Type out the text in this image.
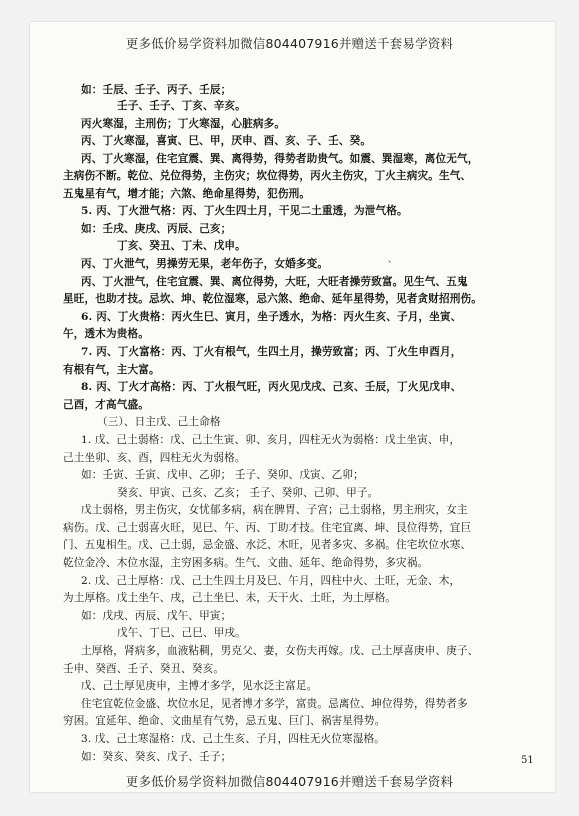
更多低价易学资料加微信804407916并赠送千套易学资料
如：壬辰、壬子、丙子、壬辰；
壬子、壬子、丁亥、辛亥。
丙火寒湿，主刑伤；丁火寒湿，心脏病多。
丙、丁火寒湿，喜寅、巳、甲，厌申、酉、亥、子、壬、癸。
丙、丁火寒湿，住宅宜震、巽、离得势，得势者助贵气。如震、巽湿寒，离位无气，
主病伤不断。乾位、兑位得势，主伤灾；坎位得势，丙火主伤灾，丁火主病灾。生气、
五鬼星有气，增才能；六煞、绝命星得势，犯伤刑。
5. 丙、丁火泄气格：丙、丁火生四土月，干见二土重透，为泄气格。
如：壬戌、庚戌、丙辰、己亥；
丁亥、癸丑、丁未、戊申。
丙、丁火泄气，男操劳无果，老年伤子，女婚多变。
丙、丁火泄气，住宅宜震、巽、离位得势，大旺，大旺者操劳致富。见生气、五鬼
星旺，也助才技。忌坎、坤、乾位湿寒，忌六煞、绝命、延年星得势，见者贪财招刑伤。
6. 丙、丁火贵格：丙火生巳、寅月，坐子透水，为格：丙火生亥、子月，坐寅、
午，透木为贵格。
7. 丙、丁火富格：丙、丁火有根气，生四土月，操劳致富；丙、丁火生申酉月，
有根有气，主大富。
8. 丙、丁火才高格：丙、丁火根气旺，丙火见戊戌、己亥、壬辰，丁火见戊申、
己酉，才高气盛。
（三）、日主戊、己土命格
1. 戊、己土弱格：戊、己土生寅、卯、亥月，四柱无火为弱格：戊土坐寅、申，
己土坐卯、亥、酉，四柱无火为弱格。
如：壬寅、壬寅、戊申、乙卯； 壬子、癸卯、戊寅、乙卯；
癸亥、甲寅、己亥、乙亥； 壬子、癸卯、己卯、甲子。
戊土弱格，男主伤灾，女忧郁多病，病在脾胃、子宫；己土弱格，男主刑灾，女主
病伤。戊、己土弱喜火旺，见巳、午、丙、丁助才技。住宅宜离、坤、艮位得势，宜巨
门、五鬼相生。戊、己土弱，忌金盛、水泛、木旺，见者多灾、多祸。住宅坎位水寒、
乾位金冷、木位水湿，主穷困多病。生气、文曲、延年、绝命得势，多灾祸。
2. 戊、己土厚格：戊、己土生四土月及巳、午月，四柱中火、土旺，无金、木，
为土厚格。戊土坐午、戌，己土坐巳、未，天干火、土旺，为土厚格。
如：戊戌、丙辰、戊午、甲寅；
戊午、丁巳、己巳、甲戌。
土厚格，肾病多，血液粘稠，男克父、妻，女伤夫再嫁。戊、己土厚喜庚申、庚子、
壬申、癸酉、壬子、癸丑、癸亥。
戊、己土厚见庚申，主博才多学，见水泛主富足。
住宅宜乾位金盛、坎位水足，见者博才多学，富贵。忌离位、坤位得势，得势者多
穷困。宜延年、绝命、文曲星有气势，忌五鬼、巨门、祸害星得势。
3. 戊、己土寒湿格：戊、己土生亥、子月，四柱无火位寒湿格。
如：癸亥、癸亥、戊子、壬子；
、
51
更多低价易学资料加微信804407916并赠送千套易学资料
